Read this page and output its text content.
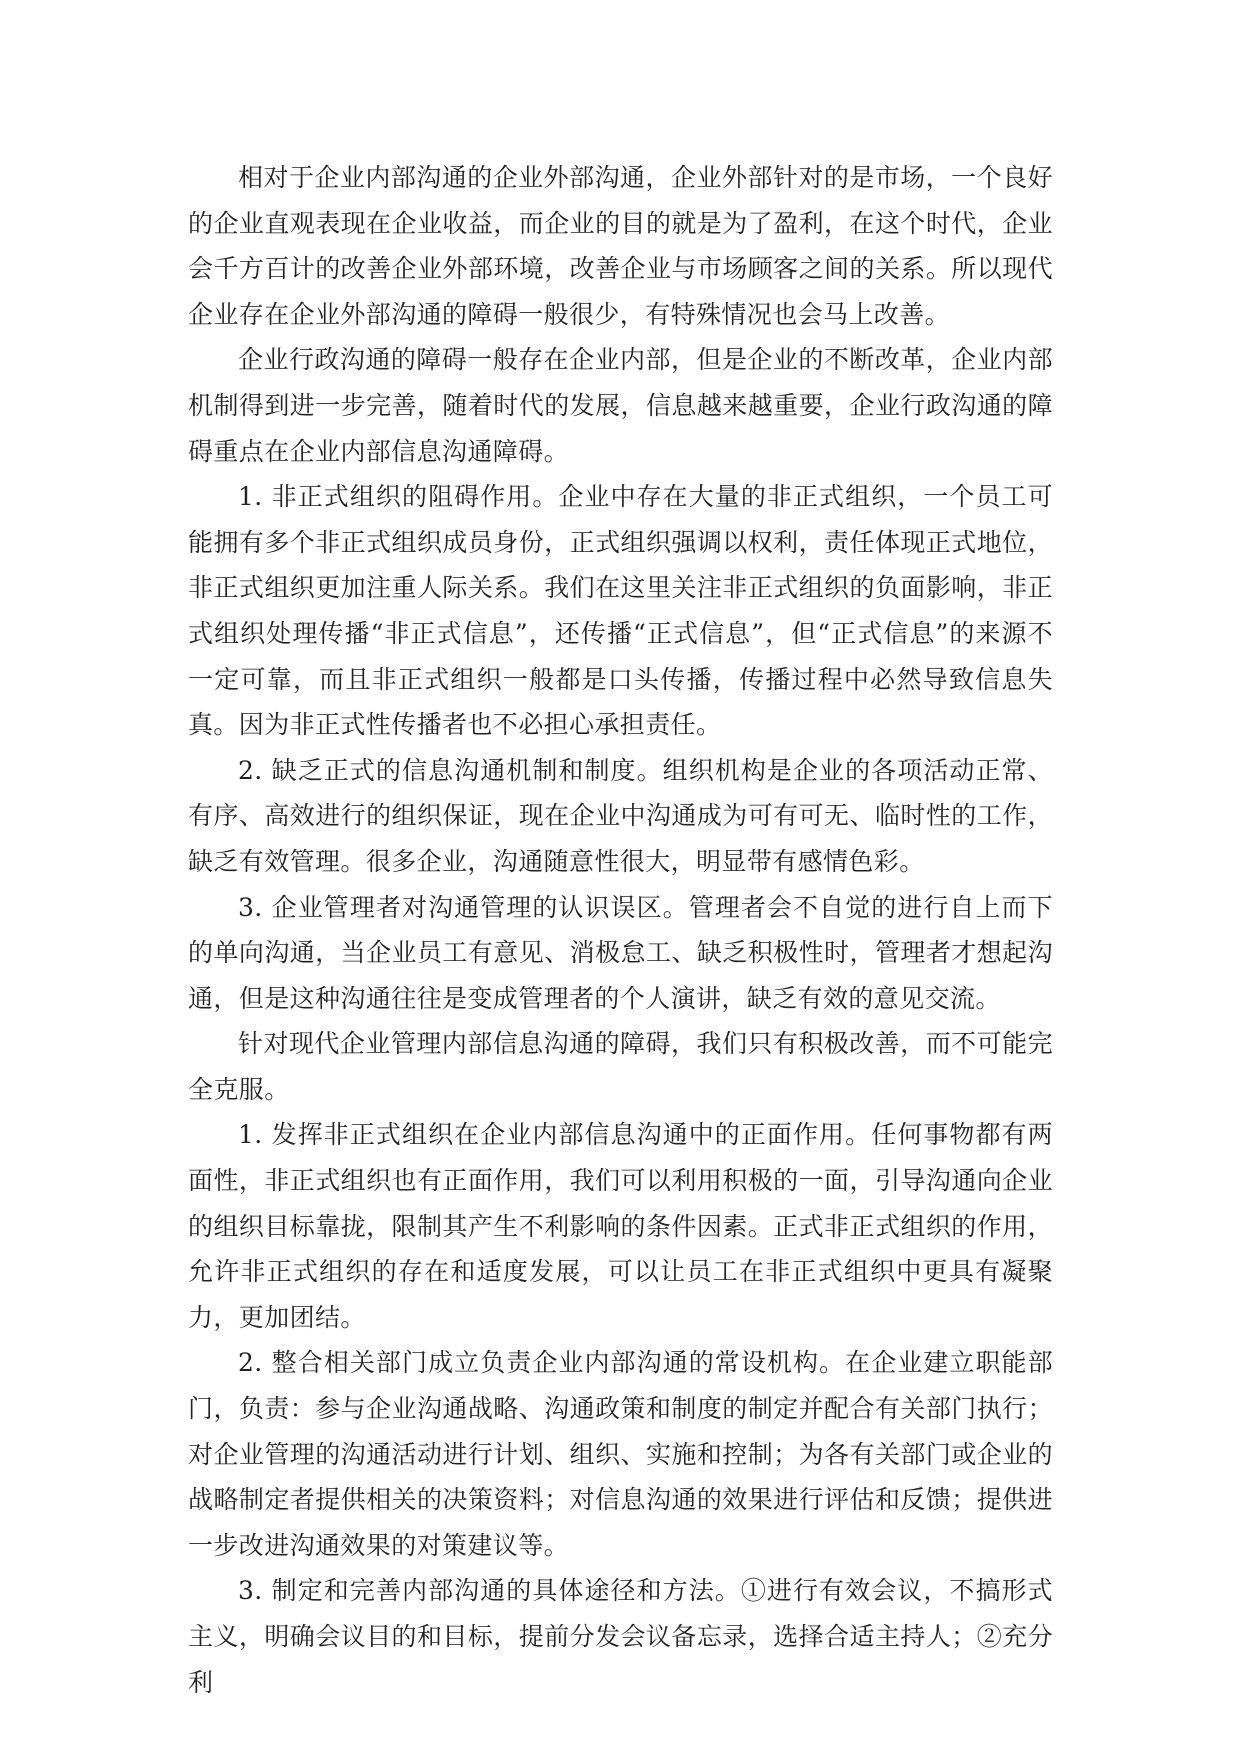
相对于企业内部沟通的企业外部沟通，企业外部针对的是市场，一个良好的企业直观表现在企业收益，而企业的目的就是为了盈利，在这个时代，企业会千方百计的改善企业外部环境，改善企业与市场顾客之间的关系。所以现代企业存在企业外部沟通的障碍一般很少，有特殊情况也会马上改善。

企业行政沟通的障碍一般存在企业内部，但是企业的不断改革，企业内部机制得到进一步完善，随着时代的发展，信息越来越重要，企业行政沟通的障碍重点在企业内部信息沟通障碍。

1. 非正式组织的阻碍作用。企业中存在大量的非正式组织，一个员工可能拥有多个非正式组织成员身份，正式组织强调以权利，责任体现正式地位，非正式组织更加注重人际关系。我们在这里关注非正式组织的负面影响，非正式组织处理传播“非正式信息”，还传播“正式信息”，但“正式信息”的来源不一定可靠，而且非正式组织一般都是口头传播，传播过程中必然导致信息失真。因为非正式性传播者也不必担心承担责任。

2. 缺乏正式的信息沟通机制和制度。组织机构是企业的各项活动正常、有序、高效进行的组织保证，现在企业中沟通成为可有可无、临时性的工作，缺乏有效管理。很多企业，沟通随意性很大，明显带有感情色彩。

3. 企业管理者对沟通管理的认识误区。管理者会不自觉的进行自上而下的单向沟通，当企业员工有意见、消极怠工、缺乏积极性时，管理者才想起沟通，但是这种沟通往往是变成管理者的个人演讲，缺乏有效的意见交流。

针对现代企业管理内部信息沟通的障碍，我们只有积极改善，而不可能完全克服。

1. 发挥非正式组织在企业内部信息沟通中的正面作用。任何事物都有两面性，非正式组织也有正面作用，我们可以利用积极的一面，引导沟通向企业的组织目标靠拢，限制其产生不利影响的条件因素。正式非正式组织的作用，允许非正式组织的存在和适度发展，可以让员工在非正式组织中更具有凝聚力，更加团结。

2. 整合相关部门成立负责企业内部沟通的常设机构。在企业建立职能部门，负责：参与企业沟通战略、沟通政策和制度的制定并配合有关部门执行；对企业管理的沟通活动进行计划、组织、实施和控制；为各有关部门或企业的战略制定者提供相关的决策资料；对信息沟通的效果进行评估和反馈；提供进一步改进沟通效果的对策建议等。

3. 制定和完善内部沟通的具体途径和方法。①进行有效会议，不搞形式主义，明确会议目的和目标，提前分发会议备忘录，选择合适主持人；②充分利
